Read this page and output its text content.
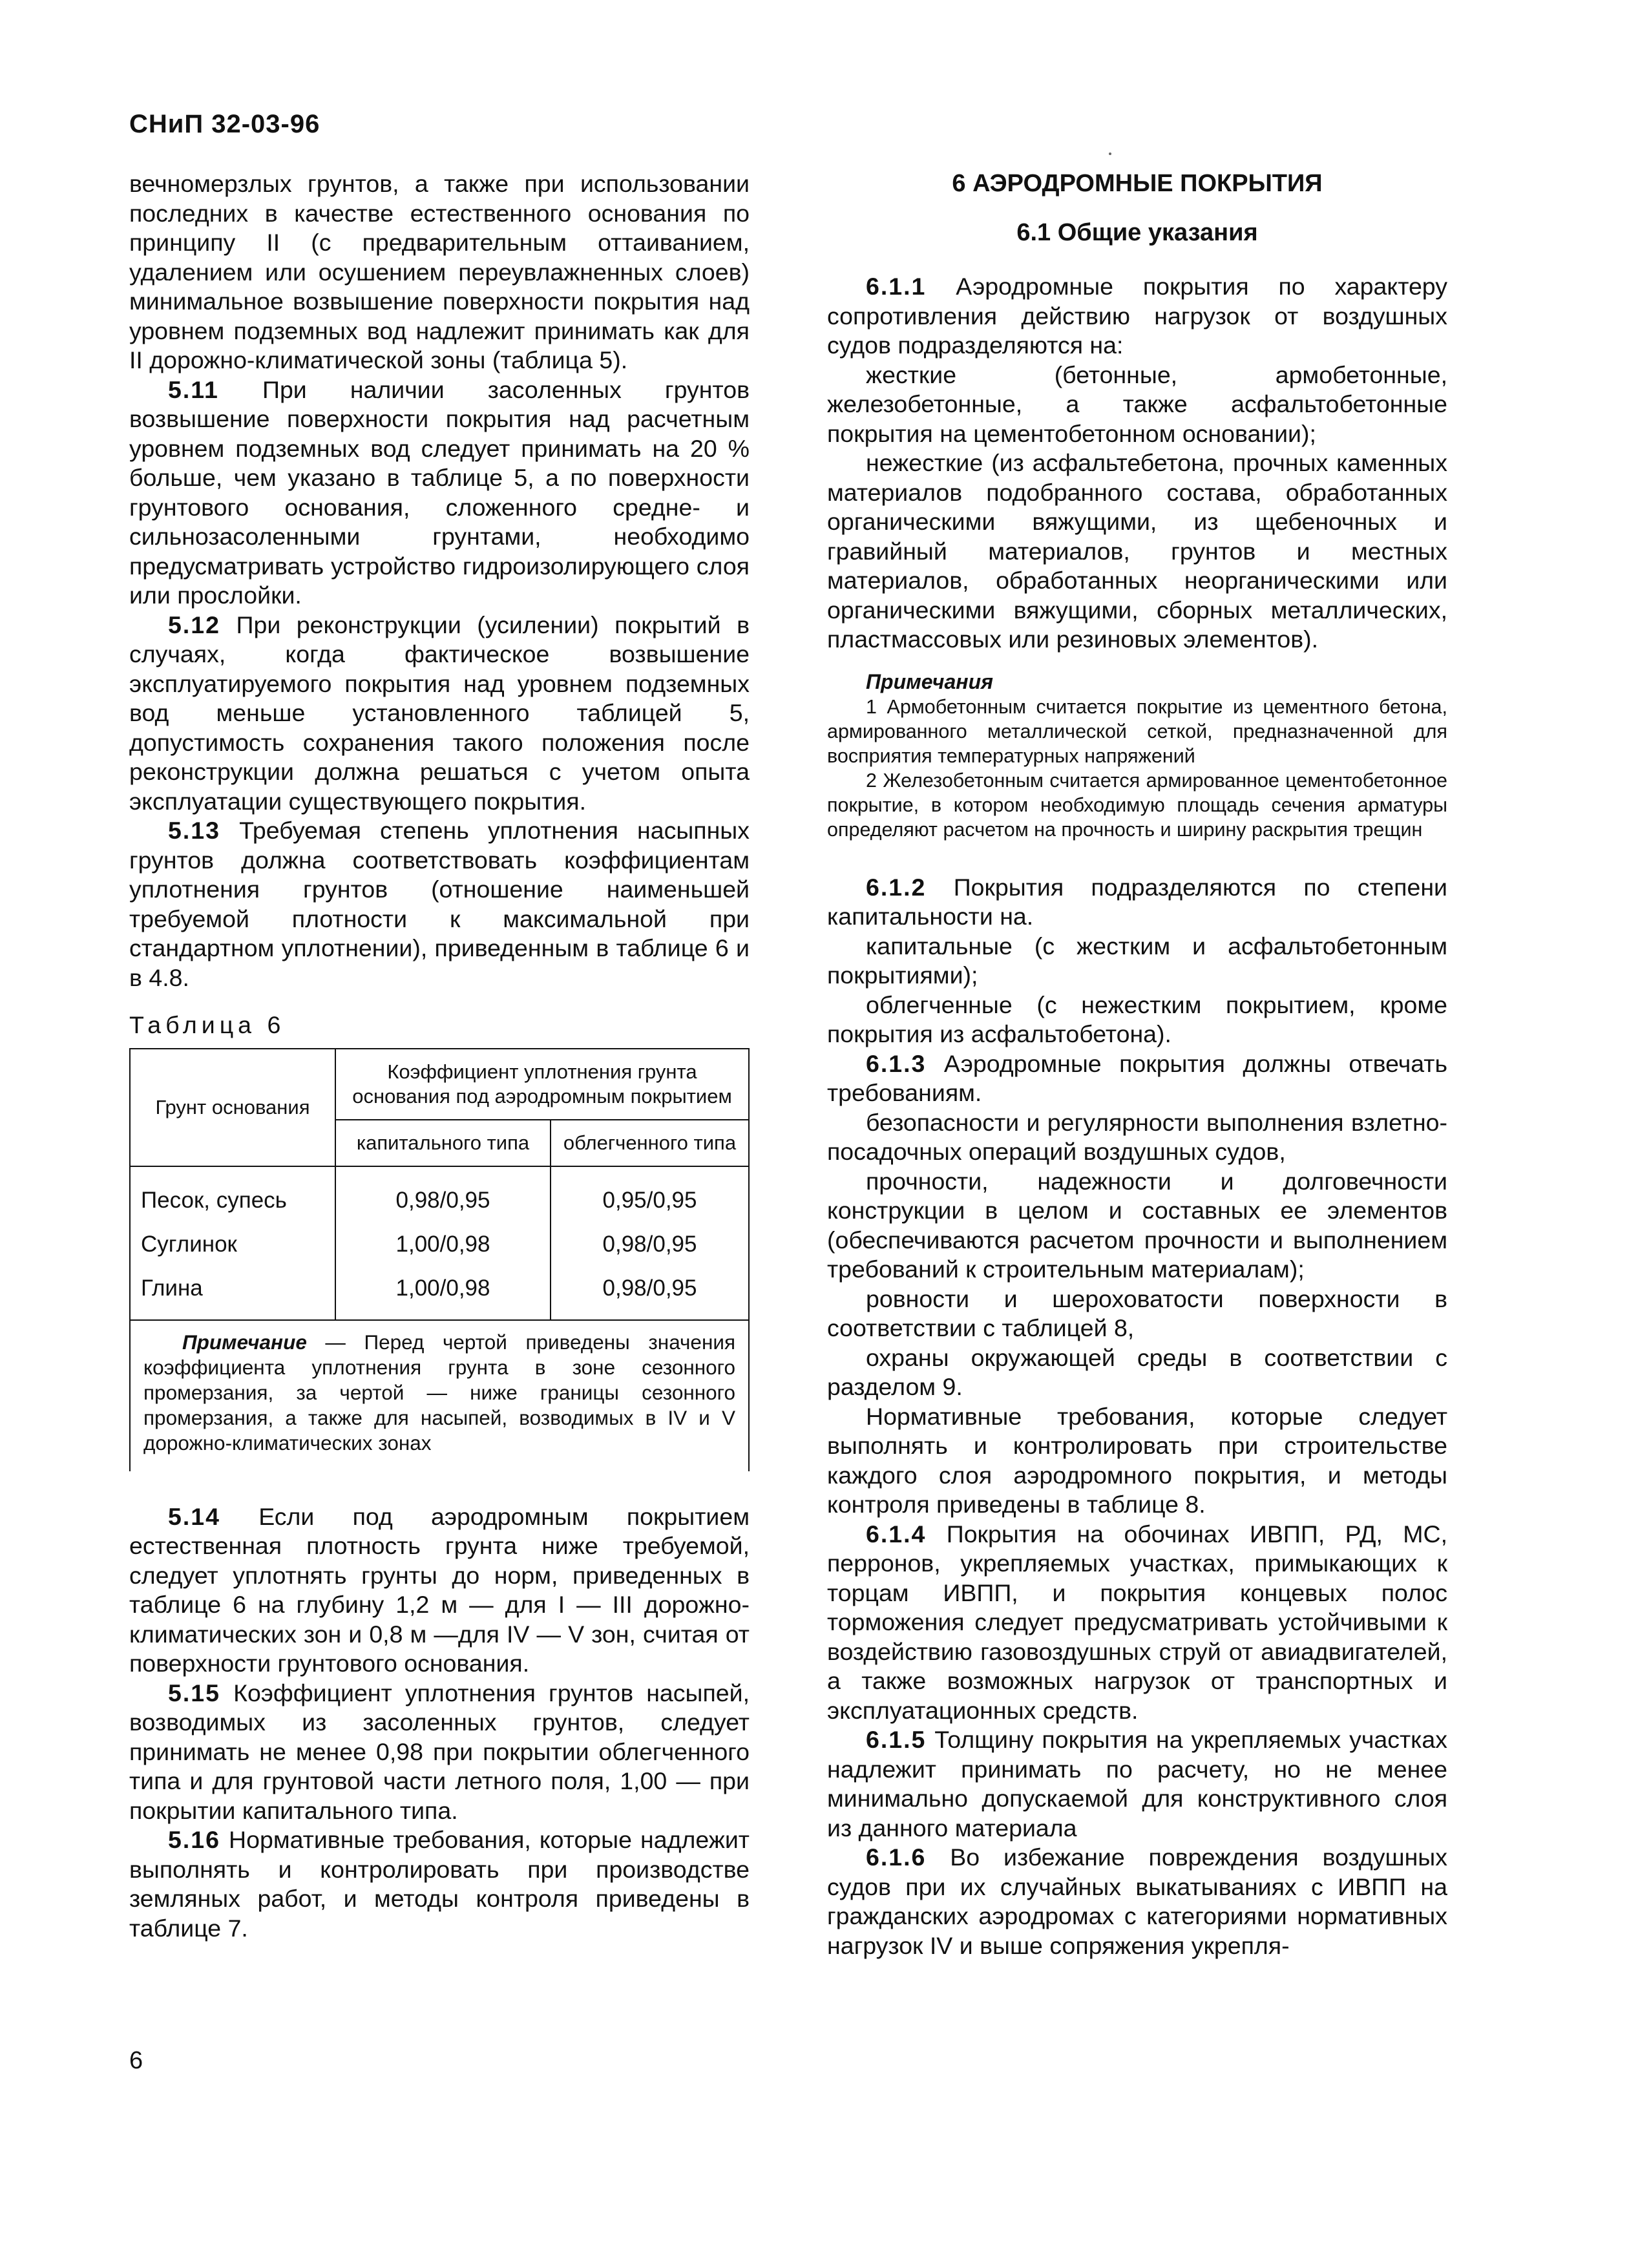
СНиП 32-03-96

вечномерзлых грунтов, а также при использовании последних в качестве естественного основания по принципу II (с предварительным оттаиванием, удалением или осушением переувлажненных слоев) минимальное возвышение поверхности покрытия над уровнем подземных вод надлежит принимать как для II дорожно-климатической зоны (таблица 5).

5.11 При наличии засоленных грунтов возвышение поверхности покрытия над расчетным уровнем подземных вод следует принимать на 20 % больше, чем указано в таблице 5, а по поверхности грунтового основания, сложенного средне- и сильнозасоленными грунтами, необходимо предусматривать устройство гидроизолирующего слоя или прослойки.

5.12 При реконструкции (усилении) покрытий в случаях, когда фактическое возвышение эксплуатируемого покрытия над уровнем подземных вод меньше установленного таблицей 5, допустимость сохранения такого положения после реконструкции должна решаться с учетом опыта эксплуатации существующего покрытия.

5.13 Требуемая степень уплотнения насыпных грунтов должна соответствовать коэффициентам уплотнения грунтов (отношение наименьшей требуемой плотности к максимальной при стандартном уплотнении), приведенным в таблице 6 и в 4.8.

Таблица 6

Грунт основания	Коэффициент уплотнения грунта основания под аэродромным покрытием	
	капитального типа	облегченного типа
Песок, супесь	0,98/0,95	0,95/0,95
Суглинок	1,00/0,98	0,98/0,95
Глина	1,00/0,98	0,98/0,95
Примечание — Перед чертой приведены значения коэффициента уплотнения грунта в зоне сезонного промерзания, за чертой — ниже границы сезонного промерзания, а также для насыпей, возводимых в IV и V дорожно-климатических зонах		

5.14 Если под аэродромным покрытием естественная плотность грунта ниже требуемой, следует уплотнять грунты до норм, приведенных в таблице 6 на глубину 1,2 м — для I — III дорожно-климатических зон и 0,8 м —для IV — V зон, считая от поверхности грунтового основания.

5.15 Коэффициент уплотнения грунтов насыпей, возводимых из засоленных грунтов, следует принимать не менее 0,98 при покрытии облегченного типа и для грунтовой части летного поля, 1,00 — при покрытии капитального типа.

5.16 Нормативные требования, которые надлежит выполнять и контролировать при производстве земляных работ, и методы контроля приведены в таблице 7.

6 АЭРОДРОМНЫЕ ПОКРЫТИЯ

6.1 Общие указания

6.1.1 Аэродромные покрытия по характеру сопротивления действию нагрузок от воздушных судов подразделяются на:

жесткие (бетонные, армобетонные, железобетонные, а также асфальтобетонные покрытия на цементобетонном основании);

нежесткие (из асфальтебетона, прочных каменных материалов подобранного состава, обработанных органическими вяжущими, из щебеночных и гравийный материалов, грунтов и местных материалов, обработанных неорганическими или органическими вяжущими, сборных металлических, пластмассовых или резиновых элементов).

Примечания

1 Армобетонным считается покрытие из цементного бетона, армированного металлической сеткой, предназначенной для восприятия температурных напряжений

2 Железобетонным считается армированное цементобетонное покрытие, в котором необходимую площадь сечения арматуры определяют расчетом на прочность и ширину раскрытия трещин

6.1.2 Покрытия подразделяются по степени капитальности на.

капитальные (с жестким и асфальтобетонным покрытиями);

облегченные (с нежестким покрытием, кроме покрытия из асфальтобетона).

6.1.3 Аэродромные покрытия должны отвечать требованиям.

безопасности и регулярности выполнения взлетно-посадочных операций воздушных судов,

прочности, надежности и долговечности конструкции в целом и составных ее элементов (обеспечиваются расчетом прочности и выполнением требований к строительным материалам);

ровности и шероховатости поверхности в соответствии с таблицей 8,

охраны окружающей среды в соответствии с разделом 9.

Нормативные требования, которые следует выполнять и контролировать при строительстве каждого слоя аэродромного покрытия, и методы контроля приведены в таблице 8.

6.1.4 Покрытия на обочинах ИВПП, РД, МС, перронов, укрепляемых участках, примыкающих к торцам ИВПП, и покрытия концевых полос торможения следует предусматривать устойчивыми к воздействию газовоздушных струй от авиадвигателей, а также возможных нагрузок от транспортных и эксплуатационных средств.

6.1.5 Толщину покрытия на укрепляемых участках надлежит принимать по расчету, но не менее минимально допускаемой для конструктивного слоя из данного материала

6.1.6 Во избежание повреждения воздушных судов при их случайных выкатываниях с ИВПП на гражданских аэродромах с категориями нормативных нагрузок IV и выше сопряжения укрепля-

6
